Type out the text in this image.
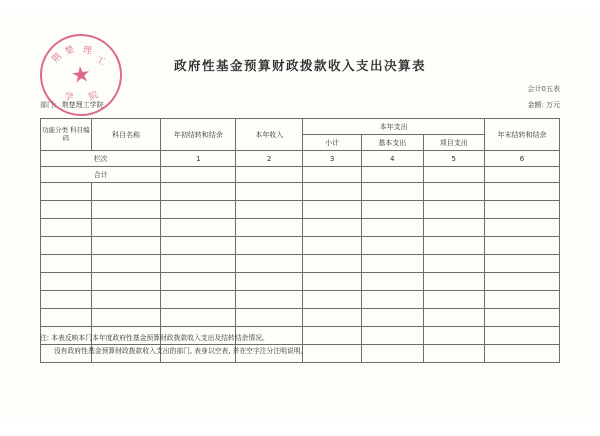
荆
楚 理
工
学 院
★	政府性基金预算财政拨款收入支出决算表
会计0五表
部门: 荆楚理工学院	金额: 万元
功能分类 科目编码	科目名称	年初结转和结余	本年收入	本年支出			年末结转和结余
				小计	基本支出	项目支出	
栏次		1	2	3	4	5	6
合计							

注: 本表反映本门本年度政府性基金预算财政拨款收入支出及结转结余情况。
没有政府性基金预算财政拨款收入支出的部门, 表身以空表, 并在空字注分注明说明。
